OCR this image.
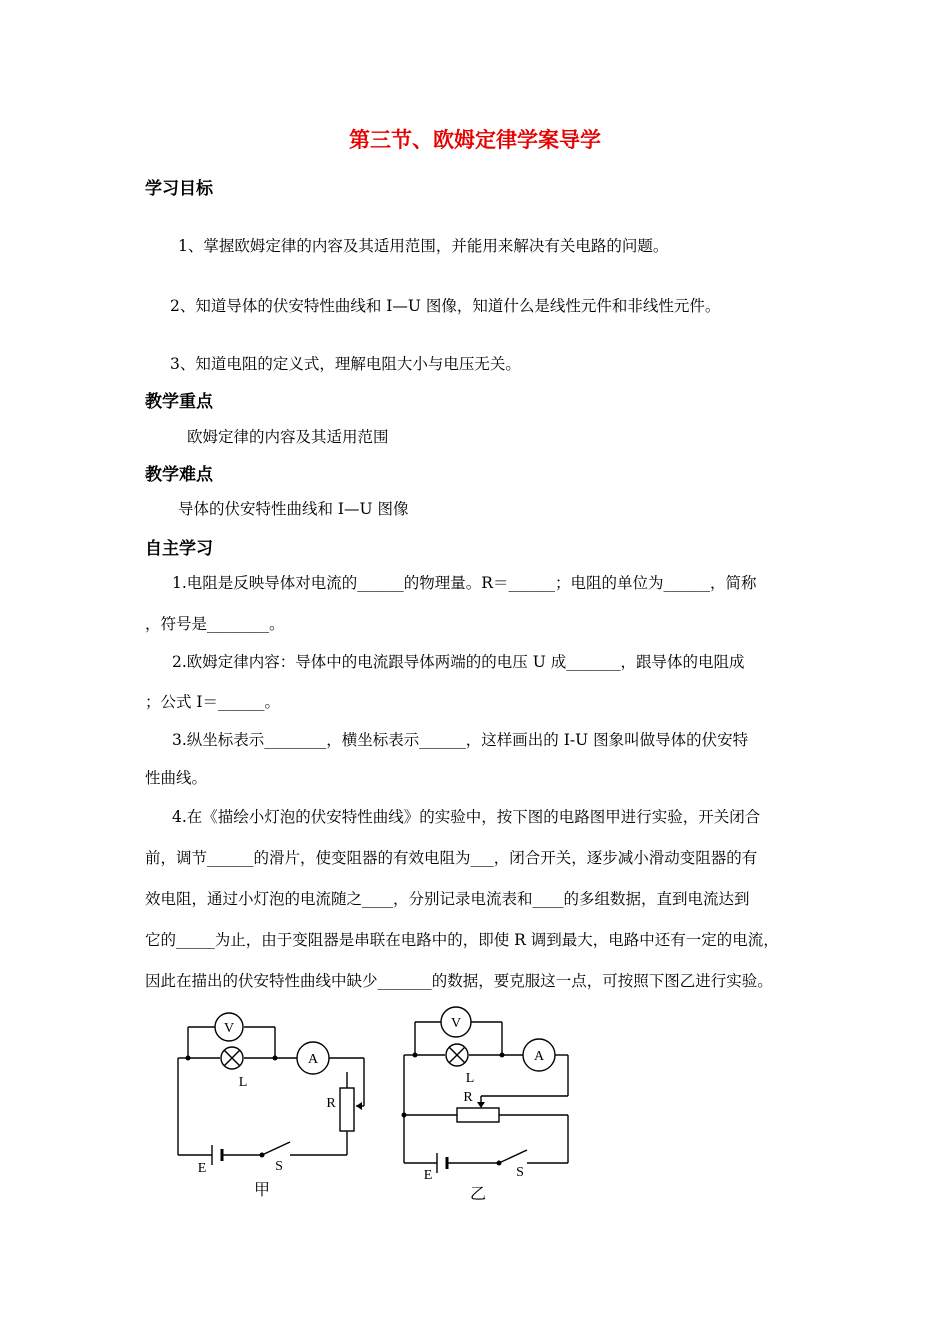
第三节、欧姆定律学案导学
学习目标
1、掌握欧姆定律的内容及其适用范围，并能用来解决有关电路的问题。
2、知道导体的伏安特性曲线和 I—U 图像，知道什么是线性元件和非线性元件。
3、知道电阻的定义式，理解电阻大小与电压无关。
教学重点
欧姆定律的内容及其适用范围
教学难点
导体的伏安特性曲线和 I—U 图像
自主学习
1.电阻是反映导体对电流的______的物理量。R＝______；电阻的单位为______，简称
，符号是________。
2.欧姆定律内容：导体中的电流跟导体两端的的电压 U 成_______，跟导体的电阻成
；公式 I＝______。
3.纵坐标表示________，横坐标表示______，这样画出的 I-U 图象叫做导体的伏安特
性曲线。
4.在《描绘小灯泡的伏安特性曲线》的实验中，按下图的电路图甲进行实验，开关闭合
前，调节______的滑片，使变阻器的有效电阻为___，闭合开关，逐步减小滑动变阻器的有
效电阻，通过小灯泡的电流随之____，分别记录电流表和____的多组数据，直到电流达到
它的_____为止，由于变阻器是串联在电路中的，即使 R 调到最大，电路中还有一定的电流，
因此在描出的伏安特性曲线中缺少_______的数据，要克服这一点，可按照下图乙进行实验。
V
L
A
R
E	S
甲
V
L
A
R
E	S
乙
